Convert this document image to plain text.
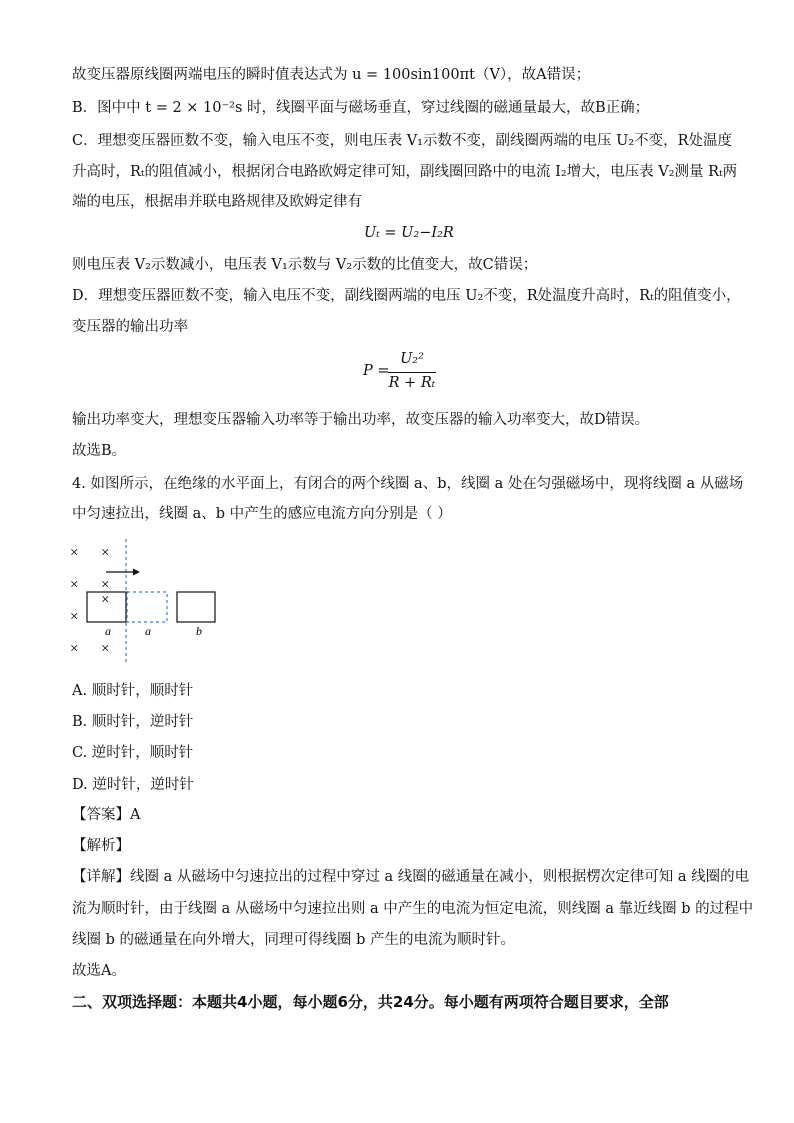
故变压器原线圈两端电压的瞬时值表达式为 u = 100sin100πt（V），故A错误；
B．图中中 t = 2 × 10⁻²s 时，线圈平面与磁场垂直，穿过线圈的磁通量最大，故B正确；
C．理想变压器匝数不变，输入电压不变，则电压表 V₁示数不变，副线圈两端的电压 U₂不变，R处温度
升高时，Rₜ的阻值减小，根据闭合电路欧姆定律可知，副线圈回路中的电流 I₂增大，电压表 V₂测量 Rₜ两
端的电压，根据串并联电路规律及欧姆定律有
Uₜ = U₂−I₂R
则电压表 V₂示数减小，电压表 V₁示数与 V₂示数的比值变大，故C错误；
D．理想变压器匝数不变，输入电压不变，副线圈两端的电压 U₂不变，R处温度升高时，Rₜ的阻值变小，
变压器的输出功率
P =
U₂²
R + Rₜ
输出功率变大，理想变压器输入功率等于输出功率，故变压器的输入功率变大，故D错误。
故选B。
4. 如图所示，在绝缘的水平面上，有闭合的两个线圈 a、b，线圈 a 处在匀强磁场中，现将线圈 a 从磁场
中匀速拉出，线圈 a、b 中产生的感应电流方向分别是（ ）
× ×
× ×
×
×
× ×
a	a	b
A. 顺时针，顺时针
B. 顺时针，逆时针
C. 逆时针，顺时针
D. 逆时针，逆时针
【答案】A
【解析】
【详解】线圈 a 从磁场中匀速拉出的过程中穿过 a 线圈的磁通量在减小，则根据楞次定律可知 a 线圈的电
流为顺时针，由于线圈 a 从磁场中匀速拉出则 a 中产生的电流为恒定电流，则线圈 a 靠近线圈 b 的过程中
线圈 b 的磁通量在向外增大，同理可得线圈 b 产生的电流为顺时针。
故选A。
二、双项选择题：本题共4小题，每小题6分，共24分。每小题有两项符合题目要求，全部
